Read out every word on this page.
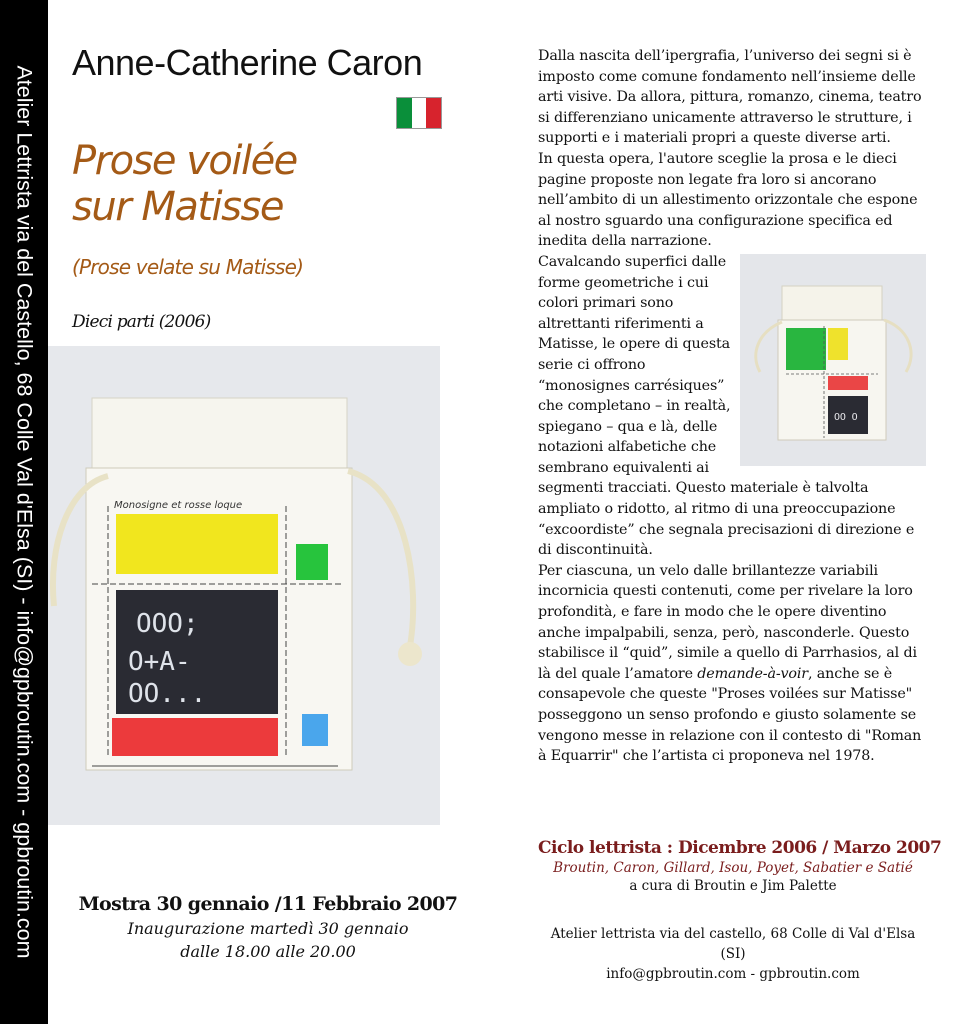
Atelier Lettrista via del Castello, 68 Colle Val d'Elsa (SI) - info@gpbroutin.com - gpbroutin.com
Anne-Catherine Caron
Prose voilée
sur Matisse
(Prose velate su Matisse)
Dieci parti (2006)
Monosigne et rosse loque
OOO;
O+A-
OO...
Mostra 30 gennaio /11 Febbraio 2007
Inaugurazione martedì 30 gennaio
dalle 18.00 alle 20.00

Dalla nascita dell’ipergrafia, l’universo dei segni si è imposto come comune fondamento nell’insieme delle arti visive. Da allora, pittura, romanzo, cinema, teatro si differenziano unicamente attraverso le strutture, i supporti e i materiali propri a queste diverse arti.

In questa opera, l'autore sceglie la prosa e le dieci pagine proposte non legate fra loro si ancorano nell’ambito di un allestimento orizzontale che espone al nostro sguardo una configurazione specifica ed inedita della narrazione.

OO O

Cavalcando superfici dalle forme geometriche i cui colori primari sono altrettanti riferimenti a Matisse, le opere di questa serie ci offrono “monosignes carrésiques” che completano – in realtà, spiegano – qua e là, delle notazioni alfabetiche che sembrano equivalenti ai segmenti tracciati. Questo materiale è talvolta ampliato o ridotto, al ritmo di una preoccupazione “excoordiste” che segnala precisazioni di direzione e di discontinuità.

Per ciascuna, un velo dalle brillantezze variabili incornicia questi contenuti, come per rivelare la loro profondità, e fare in modo che le opere diventino anche impalpabili, senza, però, nasconderle. Questo stabilisce il “quid”, simile a quello di Parrhasios, al di là del quale l’amatore demande-à-voir, anche se è consapevole che queste "Proses voilées sur Matisse" posseggono un senso profondo e giusto solamente se vengono messe in relazione con il contesto di "Roman à Equarrir" che l’artista ci proponeva nel 1978.

Ciclo lettrista : Dicembre 2006 / Marzo 2007
Broutin, Caron, Gillard, Isou, Poyet, Sabatier e Satié
a cura di Broutin e Jim Palette
Atelier lettrista via del castello, 68 Colle di Val d'Elsa (SI)
info@gpbroutin.com - gpbroutin.com
